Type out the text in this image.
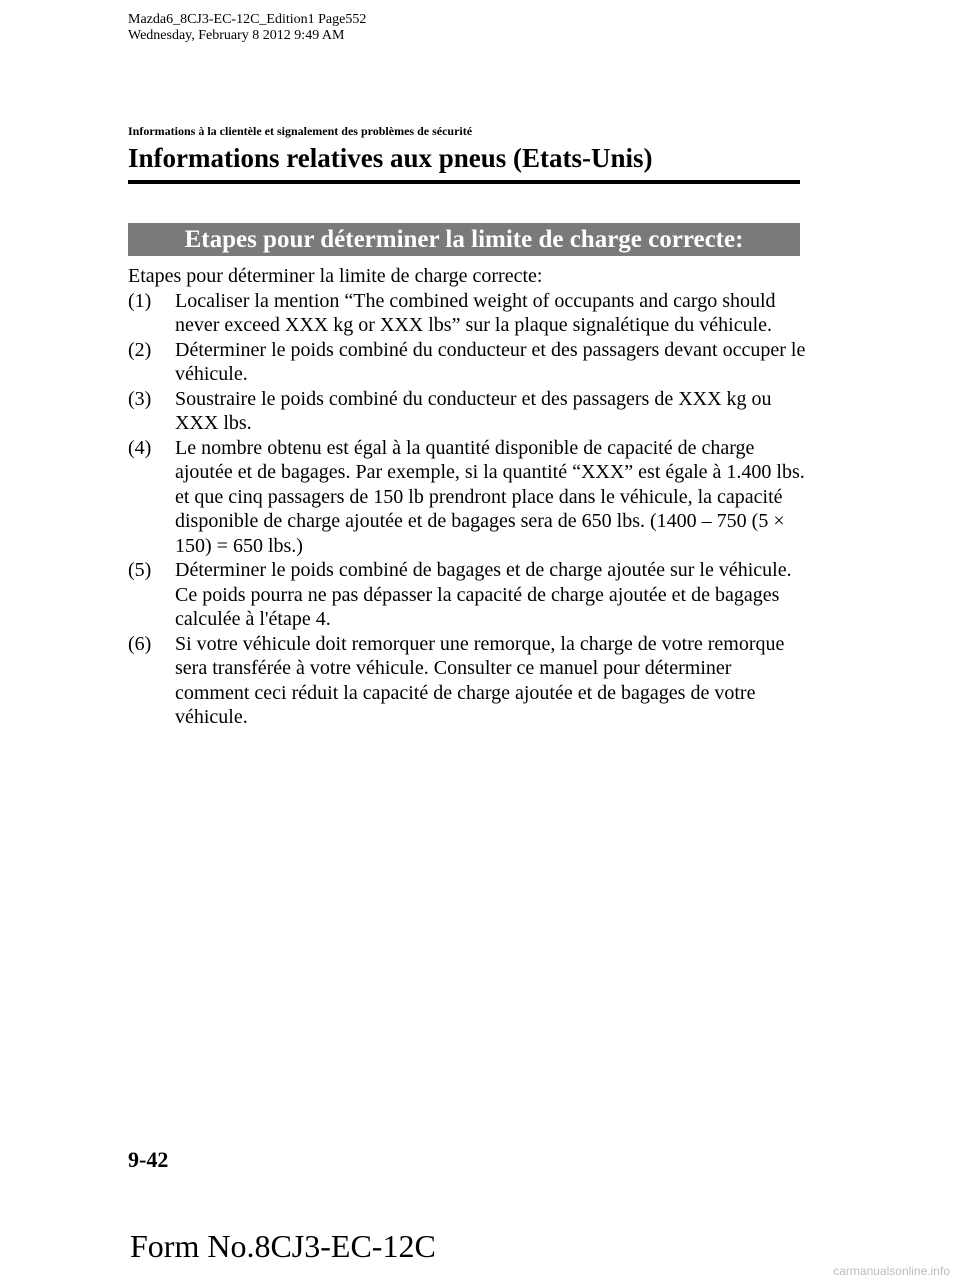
Mazda6_8CJ3-EC-12C_Edition1 Page552
Wednesday, February 8 2012 9:49 AM
Informations à la clientèle et signalement des problèmes de sécurité
Informations relatives aux pneus (Etats-Unis)
Etapes pour déterminer la limite de charge correcte:

Etapes pour déterminer la limite de charge correcte:

(1) Localiser la mention “The combined weight of occupants and cargo should never exceed XXX kg or XXX lbs” sur la plaque signalétique du véhicule.
(2) Déterminer le poids combiné du conducteur et des passagers devant occuper le véhicule.
(3) Soustraire le poids combiné du conducteur et des passagers de XXX kg ou XXX lbs.
(4) Le nombre obtenu est égal à la quantité disponible de capacité de charge ajoutée et de bagages. Par exemple, si la quantité “XXX” est égale à 1.400 lbs. et que cinq passagers de 150 lb prendront place dans le véhicule, la capacité disponible de charge ajoutée et de bagages sera de 650 lbs. (1400 – 750 (5 × 150) = 650 lbs.)
(5) Déterminer le poids combiné de bagages et de charge ajoutée sur le véhicule. Ce poids pourra ne pas dépasser la capacité de charge ajoutée et de bagages calculée à l'étape 4.
(6) Si votre véhicule doit remorquer une remorque, la charge de votre remorque sera transférée à votre véhicule. Consulter ce manuel pour déterminer comment ceci réduit la capacité de charge ajoutée et de bagages de votre véhicule.
9-42
Form No.8CJ3-EC-12C
carmanualsonline.info
